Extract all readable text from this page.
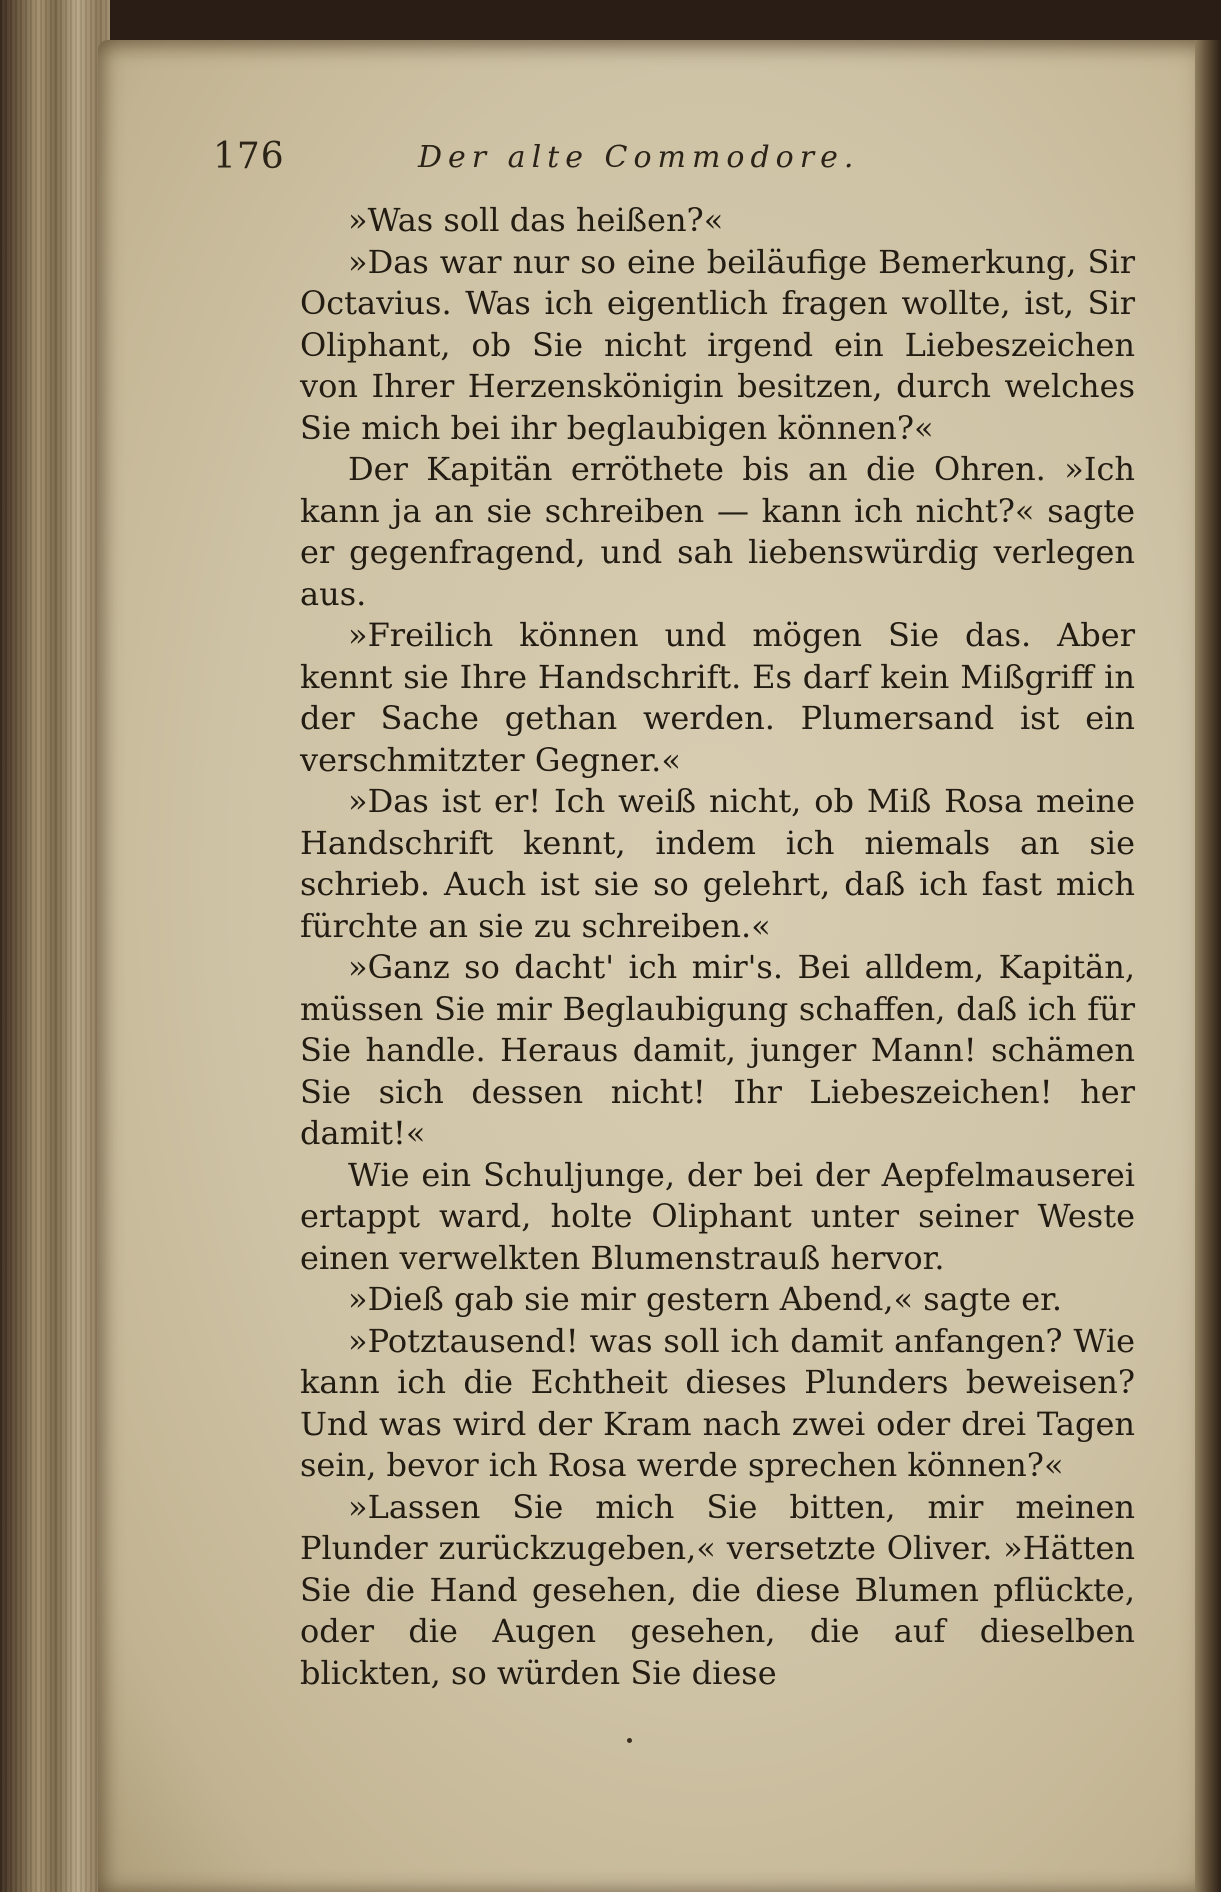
176	Der alte Commodore.

»Was soll das heißen?«

»Das war nur so eine beiläufige Bemerkung, Sir Octavius. Was ich eigentlich fragen wollte, ist, Sir Oliphant, ob Sie nicht irgend ein Liebeszeichen von Ihrer Herzenskönigin besitzen, durch welches Sie mich bei ihr beglaubigen können?«

Der Kapitän erröthete bis an die Ohren. »Ich kann ja an sie schreiben — kann ich nicht?« sagte er gegenfragend, und sah liebenswürdig verlegen aus.

»Freilich können und mögen Sie das. Aber kennt sie Ihre Handschrift. Es darf kein Mißgriff in der Sache gethan werden. Plumersand ist ein verschmitzter Gegner.«

»Das ist er! Ich weiß nicht, ob Miß Rosa meine Handschrift kennt, indem ich niemals an sie schrieb. Auch ist sie so gelehrt, daß ich fast mich fürchte an sie zu schreiben.«

»Ganz so dacht' ich mir's. Bei alldem, Kapitän, müssen Sie mir Beglaubigung schaffen, daß ich für Sie handle. Heraus damit, junger Mann! schämen Sie sich dessen nicht! Ihr Liebeszeichen! her damit!«

Wie ein Schuljunge, der bei der Aepfelmauserei ertappt ward, holte Oliphant unter seiner Weste einen verwelkten Blumenstrauß hervor.

»Dieß gab sie mir gestern Abend,« sagte er.

»Potztausend! was soll ich damit anfangen? Wie kann ich die Echtheit dieses Plunders beweisen? Und was wird der Kram nach zwei oder drei Tagen sein, bevor ich Rosa werde sprechen können?«

»Lassen Sie mich Sie bitten, mir meinen Plunder zurückzugeben,« versetzte Oliver. »Hätten Sie die Hand gesehen, die diese Blumen pflückte, oder die Augen gesehen, die auf dieselben blickten, so würden Sie diese
